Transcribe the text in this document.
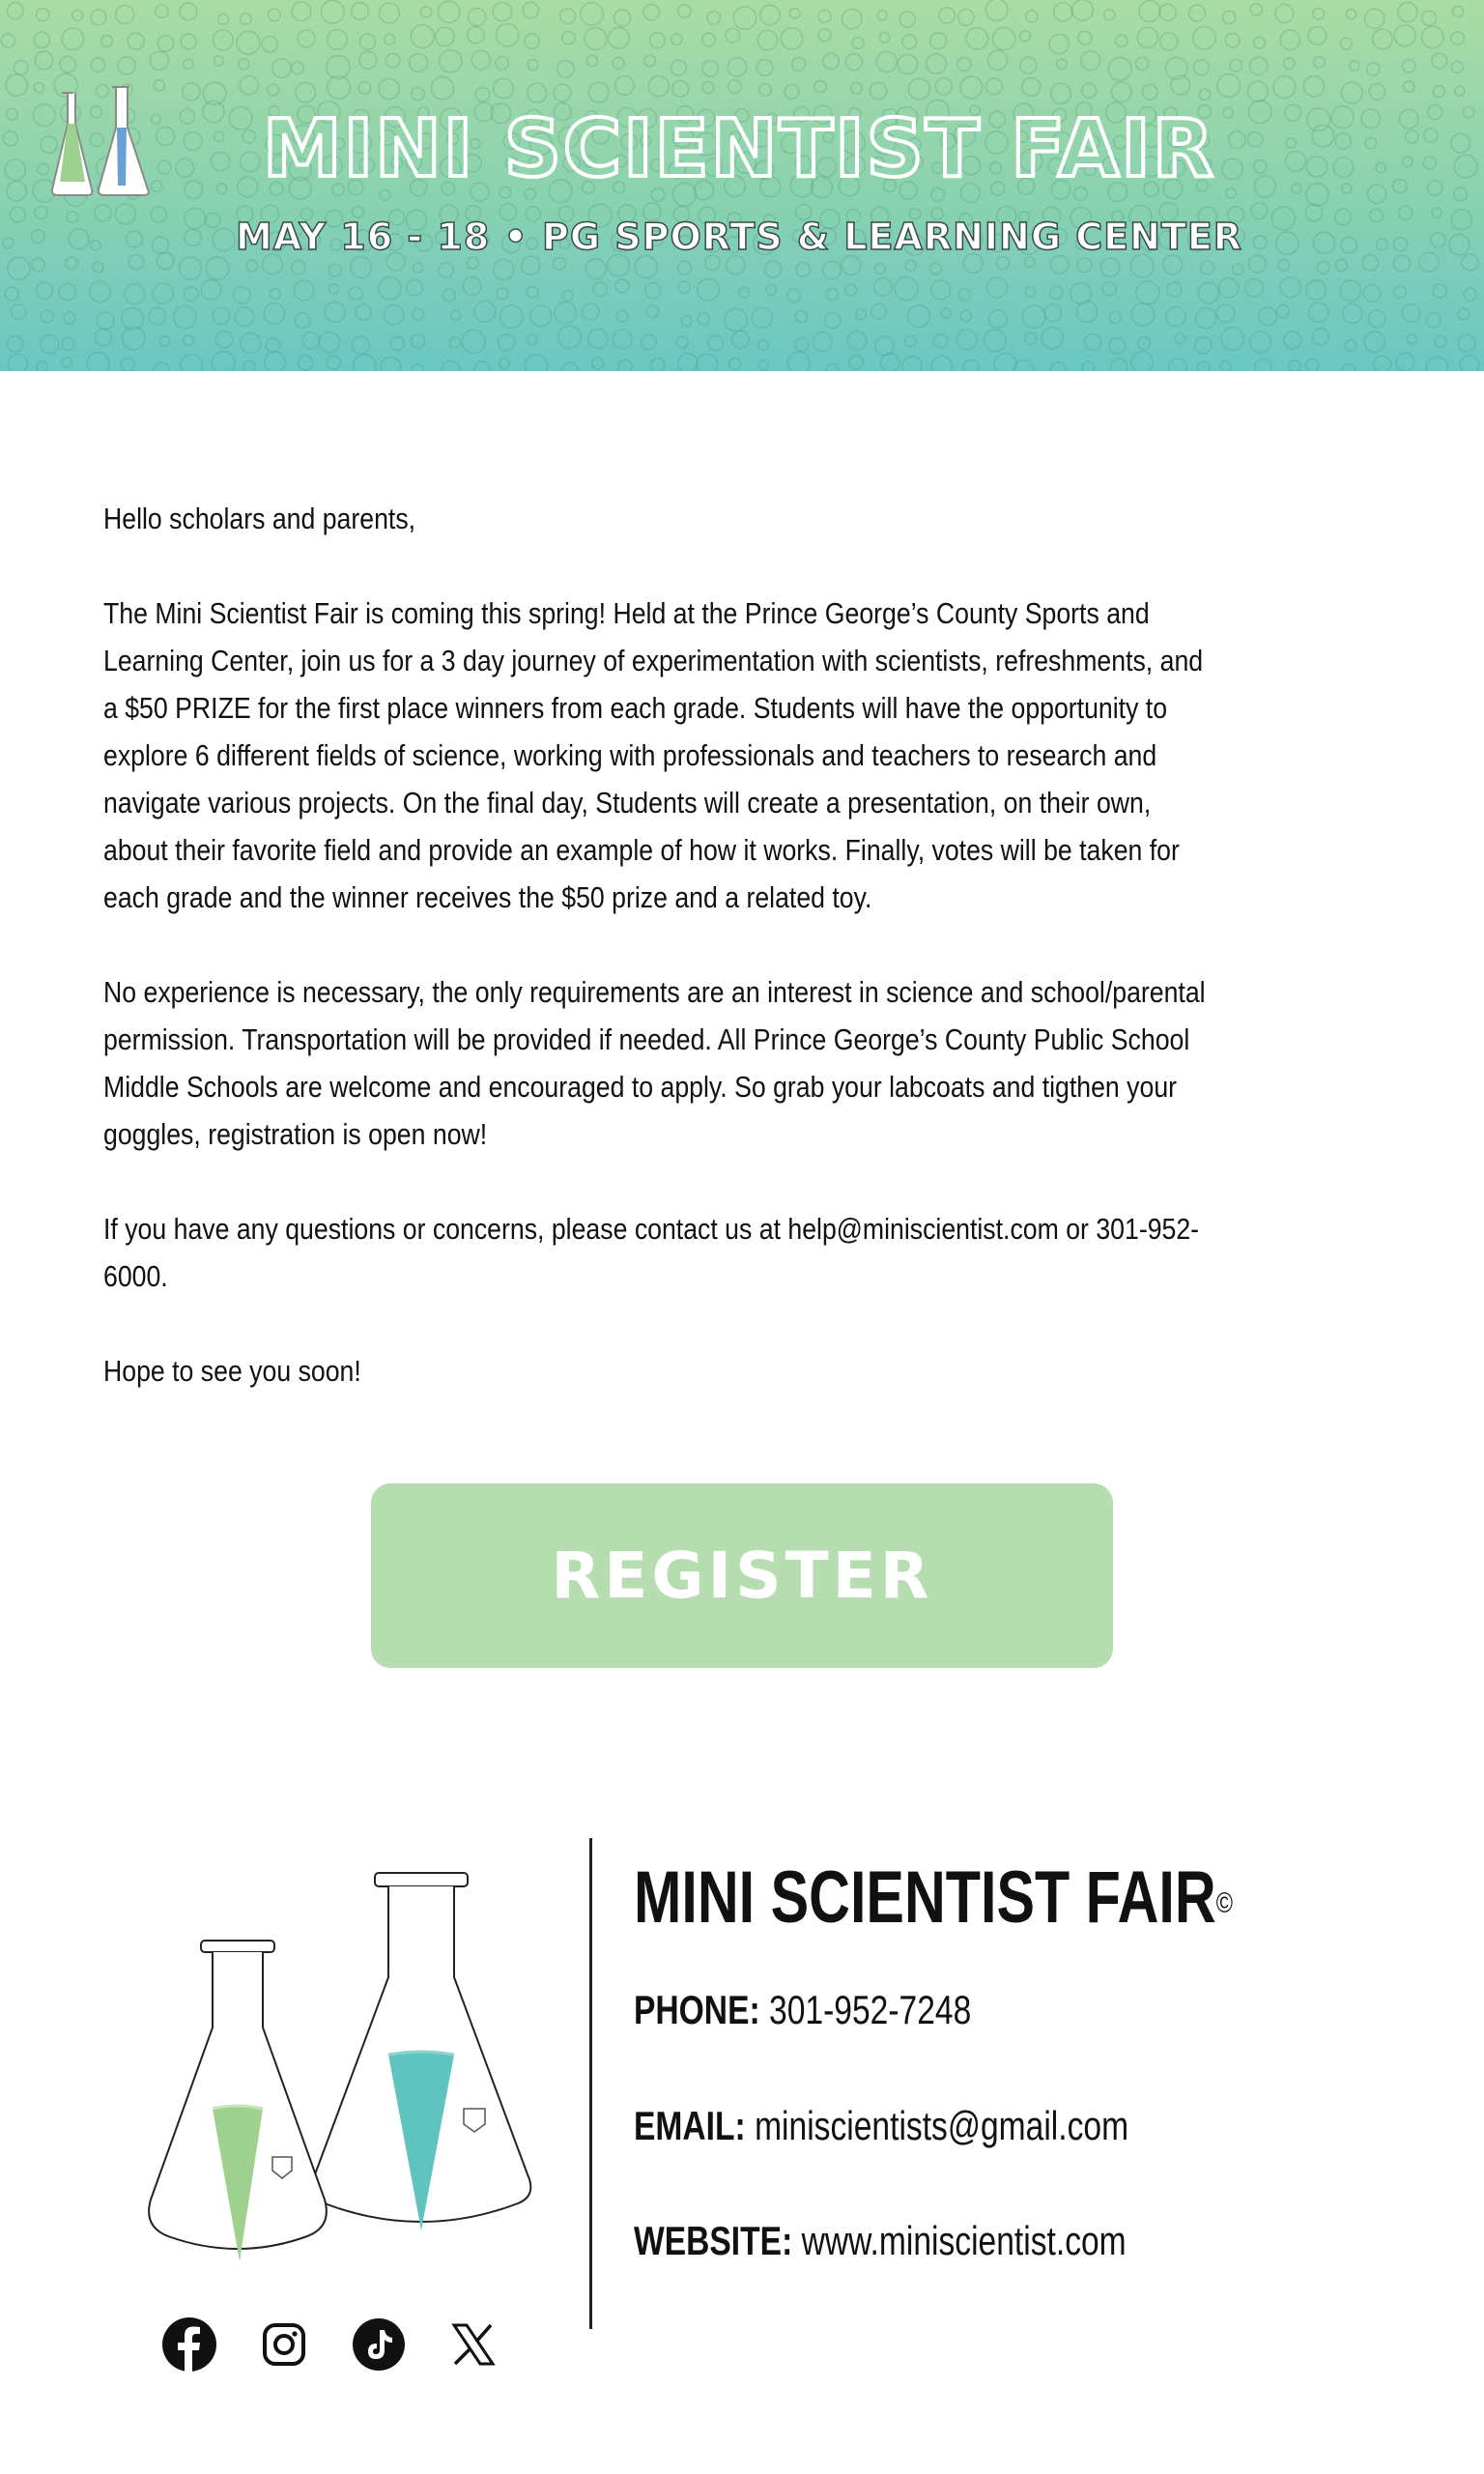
MINI SCIENTIST FAIR
MAY 16 - 18 • PG SPORTS & LEARNING CENTER

Hello scholars and parents,

The Mini Scientist Fair is coming this spring! Held at the Prince George’s County Sports and Learning Center, join us for a 3 day journey of experimentation with scientists, refreshments, and a $50 PRIZE for the first place winners from each grade. Students will have the opportunity to explore 6 different fields of science, working with professionals and teachers to research and navigate various projects. On the final day, Students will create a presentation, on their own, about their favorite field and provide an example of how it works. Finally, votes will be taken for each grade and the winner receives the $50 prize and a related toy.

No experience is necessary, the only requirements are an interest in science and school/parental permission. Transportation will be provided if needed. All Prince George’s County Public School Middle Schools are welcome and encouraged to apply. So grab your labcoats and tigthen your goggles, registration is open now!

If you have any questions or concerns, please contact us at help@miniscientist.com or 301-952-6000.

Hope to see you soon!

REGISTER
MINI SCIENTIST FAIR©
PHONE: 301-952-7248
EMAIL: miniscientists@gmail.com
WEBSITE: www.miniscientist.com
